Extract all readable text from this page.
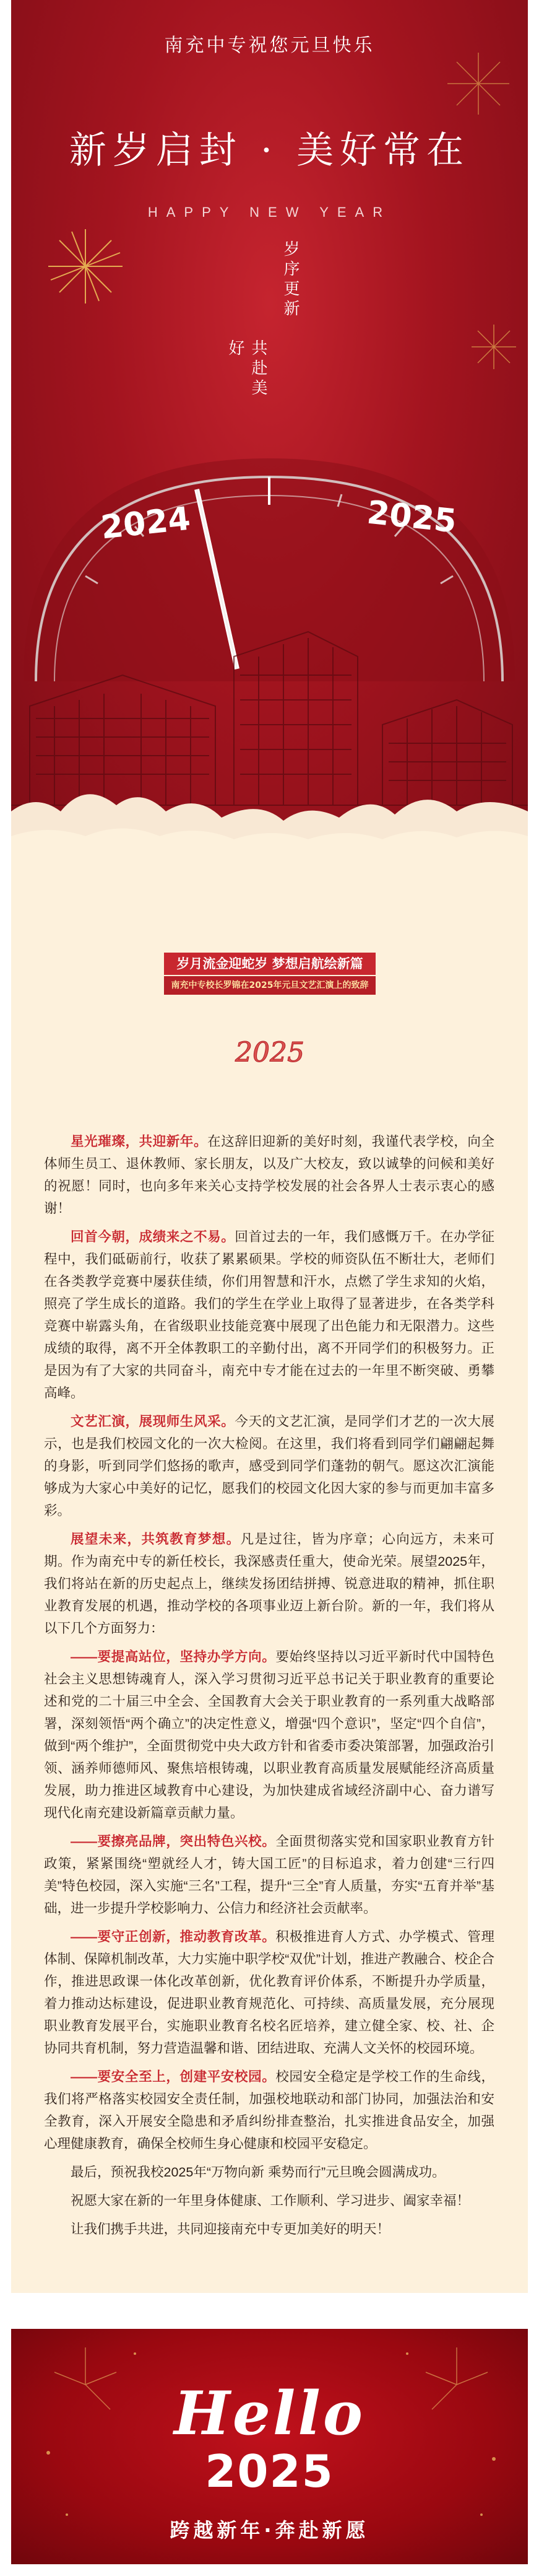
南充中专祝您元旦快乐
新岁启封 · 美好常在
HAPPY NEW YEAR
岁序更新
共赴美好
2024	2025
岁月流金迎蛇岁 梦想启航绘新篇
南充中专校长罗锦在2025年元旦文艺汇演上的致辞
2025

星光璀璨，共迎新年。在这辞旧迎新的美好时刻，我谨代表学校，向全体师生员工、退休教师、家长朋友，以及广大校友，致以诚挚的问候和美好的祝愿！同时，也向多年来关心支持学校发展的社会各界人士表示衷心的感谢！

回首今朝，成绩来之不易。回首过去的一年，我们感慨万千。在办学征程中，我们砥砺前行，收获了累累硕果。学校的师资队伍不断壮大，老师们在各类教学竞赛中屡获佳绩，你们用智慧和汗水，点燃了学生求知的火焰，照亮了学生成长的道路。我们的学生在学业上取得了显著进步，在各类学科竞赛中崭露头角，在省级职业技能竞赛中展现了出色能力和无限潜力。这些成绩的取得，离不开全体教职工的辛勤付出，离不开同学们的积极努力。正是因为有了大家的共同奋斗，南充中专才能在过去的一年里不断突破、勇攀高峰。

文艺汇演，展现师生风采。今天的文艺汇演，是同学们才艺的一次大展示，也是我们校园文化的一次大检阅。在这里，我们将看到同学们翩翩起舞的身影，听到同学们悠扬的歌声，感受到同学们蓬勃的朝气。愿这次汇演能够成为大家心中美好的记忆，愿我们的校园文化因大家的参与而更加丰富多彩。

展望未来，共筑教育梦想。凡是过往，皆为序章；心向远方，未来可期。作为南充中专的新任校长，我深感责任重大，使命光荣。展望2025年，我们将站在新的历史起点上，继续发扬团结拼搏、锐意进取的精神，抓住职业教育发展的机遇，推动学校的各项事业迈上新台阶。新的一年，我们将从以下几个方面努力：

——要提高站位，坚持办学方向。要始终坚持以习近平新时代中国特色社会主义思想铸魂育人，深入学习贯彻习近平总书记关于职业教育的重要论述和党的二十届三中全会、全国教育大会关于职业教育的一系列重大战略部署，深刻领悟“两个确立”的决定性意义，增强“四个意识”，坚定“四个自信”，做到“两个维护”，全面贯彻党中央大政方针和省委市委决策部署，加强政治引领、涵养师德师风、聚焦培根铸魂，以职业教育高质量发展赋能经济高质量发展，助力推进区域教育中心建设，为加快建成省域经济副中心、奋力谱写现代化南充建设新篇章贡献力量。

——要擦亮品牌，突出特色兴校。全面贯彻落实党和国家职业教育方针政策，紧紧围绕“塑就经人才，铸大国工匠”的目标追求，着力创建“三行四美”特色校园，深入实施“三名”工程，提升“三全”育人质量，夯实“五育并举”基础，进一步提升学校影响力、公信力和经济社会贡献率。

——要守正创新，推动教育改革。积极推进育人方式、办学模式、管理体制、保障机制改革，大力实施中职学校“双优”计划，推进产教融合、校企合作，推进思政课一体化改革创新，优化教育评价体系，不断提升办学质量，着力推动达标建设，促进职业教育规范化、可持续、高质量发展，充分展现职业教育发展平台，实施职业教育名校名匠培养，建立健全家、校、社、企协同共育机制，努力营造温馨和谐、团结进取、充满人文关怀的校园环境。

——要安全至上，创建平安校园。校园安全稳定是学校工作的生命线，我们将严格落实校园安全责任制，加强校地联动和部门协同，加强法治和安全教育，深入开展安全隐患和矛盾纠纷排查整治，扎实推进食品安全，加强心理健康教育，确保全校师生身心健康和校园平安稳定。

最后，预祝我校2025年“万物向新 乘势而行”元旦晚会圆满成功。

祝愿大家在新的一年里身体健康、工作顺利、学习进步、阖家幸福！

让我们携手共进，共同迎接南充中专更加美好的明天！

Hello
2025
跨越新年·奔赴新愿
